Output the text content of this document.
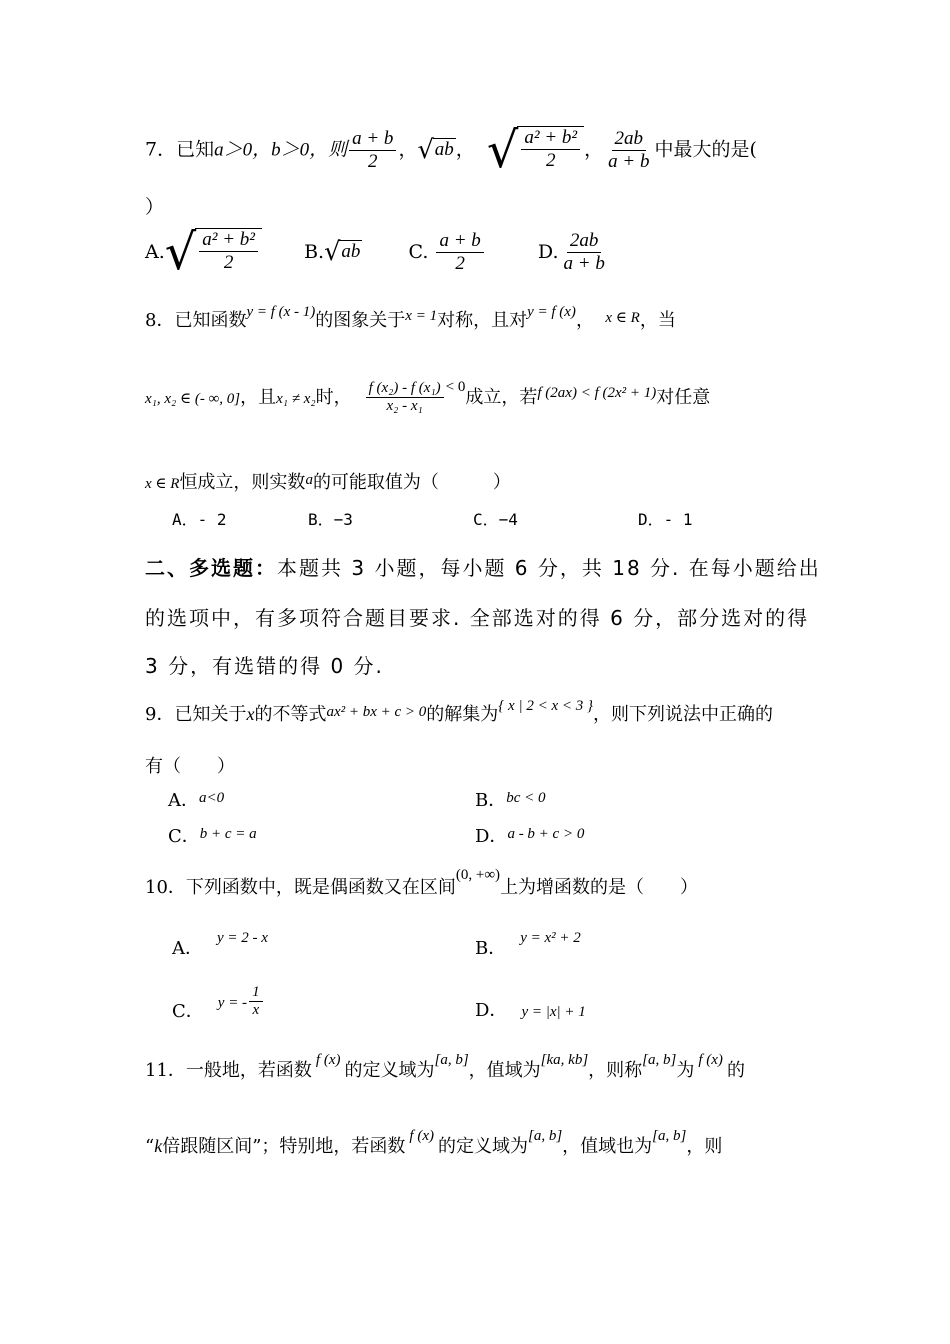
7．已知a＞0，b＞0，则 $\frac{a + b}{2}$ ， √ ab ， √ $\frac{\text{a² + b²}}{2}$ ， $\frac{2ab}{a + b}$ 中最大的是(
）
A. √ $\frac{\text{a² + b²}}{2} B$. √ ab	C. $\frac{a + b}{2}$	D. $\frac{2ab}{a + b}$
8．已知函数$^{y = f (x - 1)}$的图象关于$^{x = 1}$对称，且对$^{y = f (x)}$， $^{x \in R}$，当
x₁, x₂ ∈ (- ∞, 0]，且x₁ ≠ x₂时， $\frac{\text{f (x₂) - f (x₁)}}{\text{x₂ - x₁}} ^{< 0}$成立，若$^{f (2ax) < f (2x^2 + 1)}$对任意
x ∈ R恒成立，则实数$^a$的可能取值为（　　　）
A．- 2	B．−3	C．−4	D．- 1
二、多选题：本题共 3 小题，每小题 6 分，共 18 分. 在每小题给出
的选项中，有多项符合题目要求. 全部选对的得 6 分，部分选对的得
3 分，有选错的得 0 分.
9．已知关于x的不等式$^{ax^2 + bx + c > 0}$的解集为$^{\{ x | 2 < x < 3 \}}$，则下列说法中正确的
有（　　）
A．$^{a<0}$	B．$^{bc < 0}$
C．$^{b + c = a}$	D．$^{a - b + c > 0}$
10．下列函数中，既是偶函数又在区间$^{(0, +\infty)}$上为增函数的是（　　）
A． y = 2 - x	B． y = x² + 2
C． y = - $\frac{1}{x}$	D． y = |x| + 1
11．一般地，若函数 $^{f (x)}$ 的定义域为[a, b]，值域为[ka, kb]，则称[a, b]为 $^{f (x)}$ 的
“k倍跟随区间”；特别地，若函数 $^{f (x)}$ 的定义域为[a, b]，值域也为[a, b]，则
